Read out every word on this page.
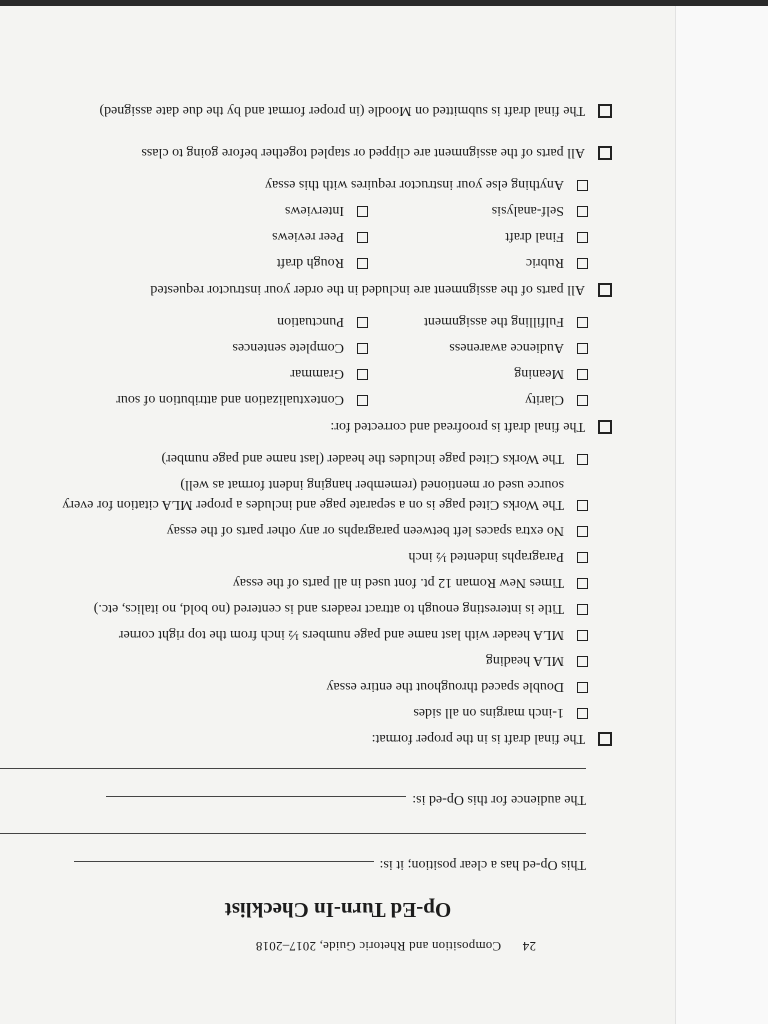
24 Composition and Rhetoric Guide, 2017–2018
Op-Ed Turn-In Checklist
This Op-ed has a clear position; it is:
The audience for this Op-ed is:
The final draft is in the proper format:
1-inch margins on all sides
Double spaced throughout the entire essay
MLA heading
MLA header with last name and page numbers ½ inch from the top right corner
Title is interesting enough to attract readers and is centered (no bold, no italics, etc.)
Times New Roman 12 pt. font used in all parts of the essay
Paragraphs indented ½ inch
No extra spaces left between paragraphs or any other parts of the essay
The Works Cited page is on a separate page and includes a proper MLA citation for every
source used or mentioned (remember hanging indent format as well)
The Works Cited page includes the header (last name and page number)
The final draft is proofread and corrected for:
Clarity
Contextualization and attribution of sour
Meaning
Grammar
Audience awareness
Complete sentences
Fulfilling the assignment
Punctuation
All parts of the assignment are included in the order your instructor requested
Rubric
Rough draft
Final draft
Peer reviews
Self-analysis
Interviews
Anything else your instructor requires with this essay
All parts of the assignment are clipped or stapled together before going to class
The final draft is submitted on Moodle (in proper format and by the due date assigned)
